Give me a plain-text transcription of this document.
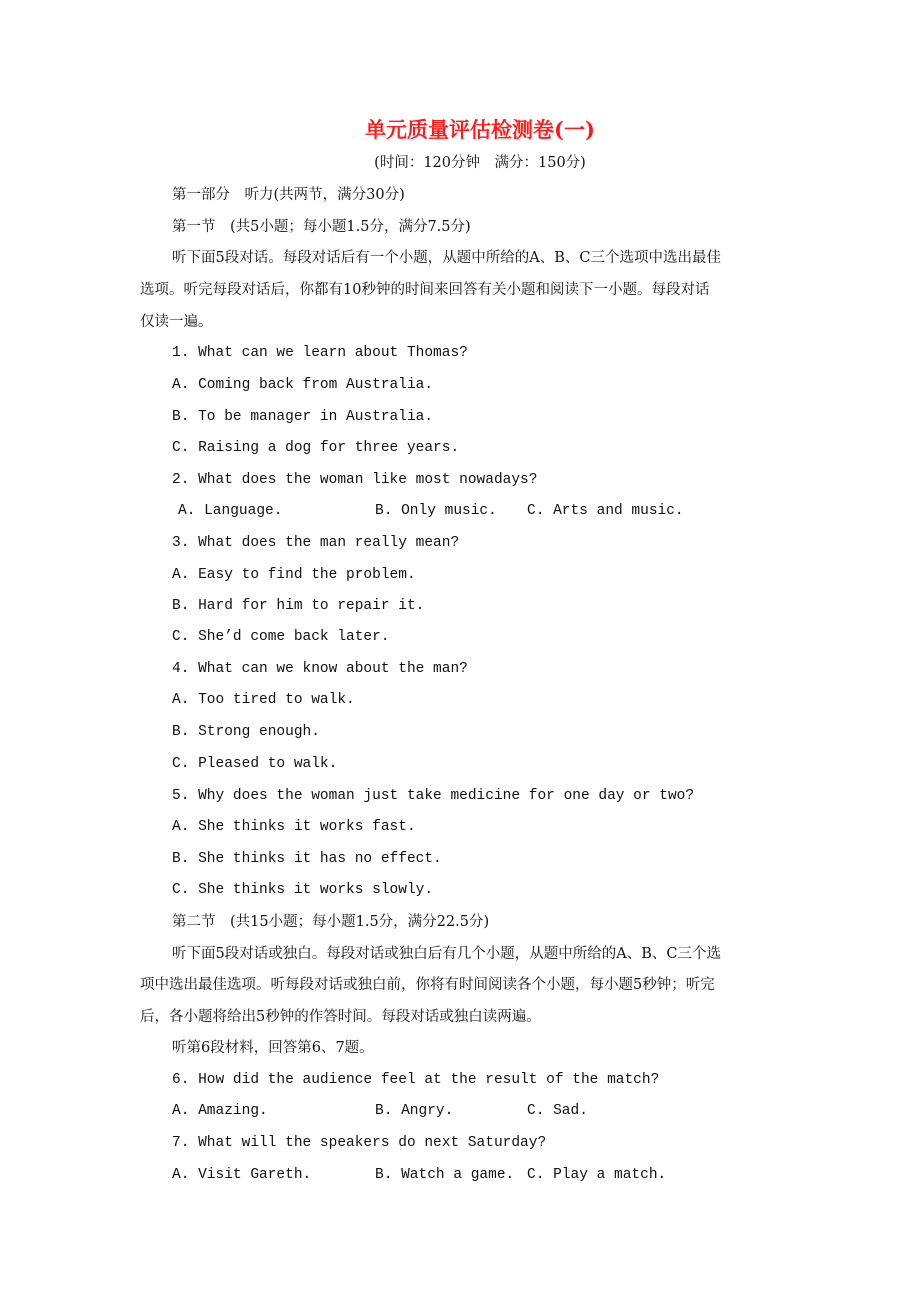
单元质量评估检测卷(一)
(时间：120分钟　满分：150分)
第一部分　听力(共两节，满分30分)
第一节　(共5小题；每小题1.5分，满分7.5分)
听下面5段对话。每段对话后有一个小题，从题中所给的A、B、C三个选项中选出最佳
选项。听完每段对话后，你都有10秒钟的时间来回答有关小题和阅读下一小题。每段对话
仅读一遍。
1. What can we learn about Thomas?
A. Coming back from Australia.
B. To be manager in Australia.
C. Raising a dog for three years.
2. What does the woman like most nowadays?
A. Language.	B. Only music. C. Arts and music.
3. What does the man really mean?
A. Easy to find the problem.
B. Hard for him to repair it.
C. She’d come back later.
4. What can we know about the man?
A. Too tired to walk.
B. Strong enough.
C. Pleased to walk.
5. Why does the woman just take medicine for one day or two?
A. She thinks it works fast.
B. She thinks it has no effect.
C. She thinks it works slowly.
第二节　(共15小题；每小题1.5分，满分22.5分)
听下面5段对话或独白。每段对话或独白后有几个小题，从题中所给的A、B、C三个选
项中选出最佳选项。听每段对话或独白前，你将有时间阅读各个小题，每小题5秒钟；听完
后，各小题将给出5秒钟的作答时间。每段对话或独白读两遍。
听第6段材料，回答第6、7题。
6. How did the audience feel at the result of the match?
A. Amazing.	B. Angry.	C. Sad.
7. What will the speakers do next Saturday?
A. Visit Gareth.	B. Watch a game. C. Play a match.
